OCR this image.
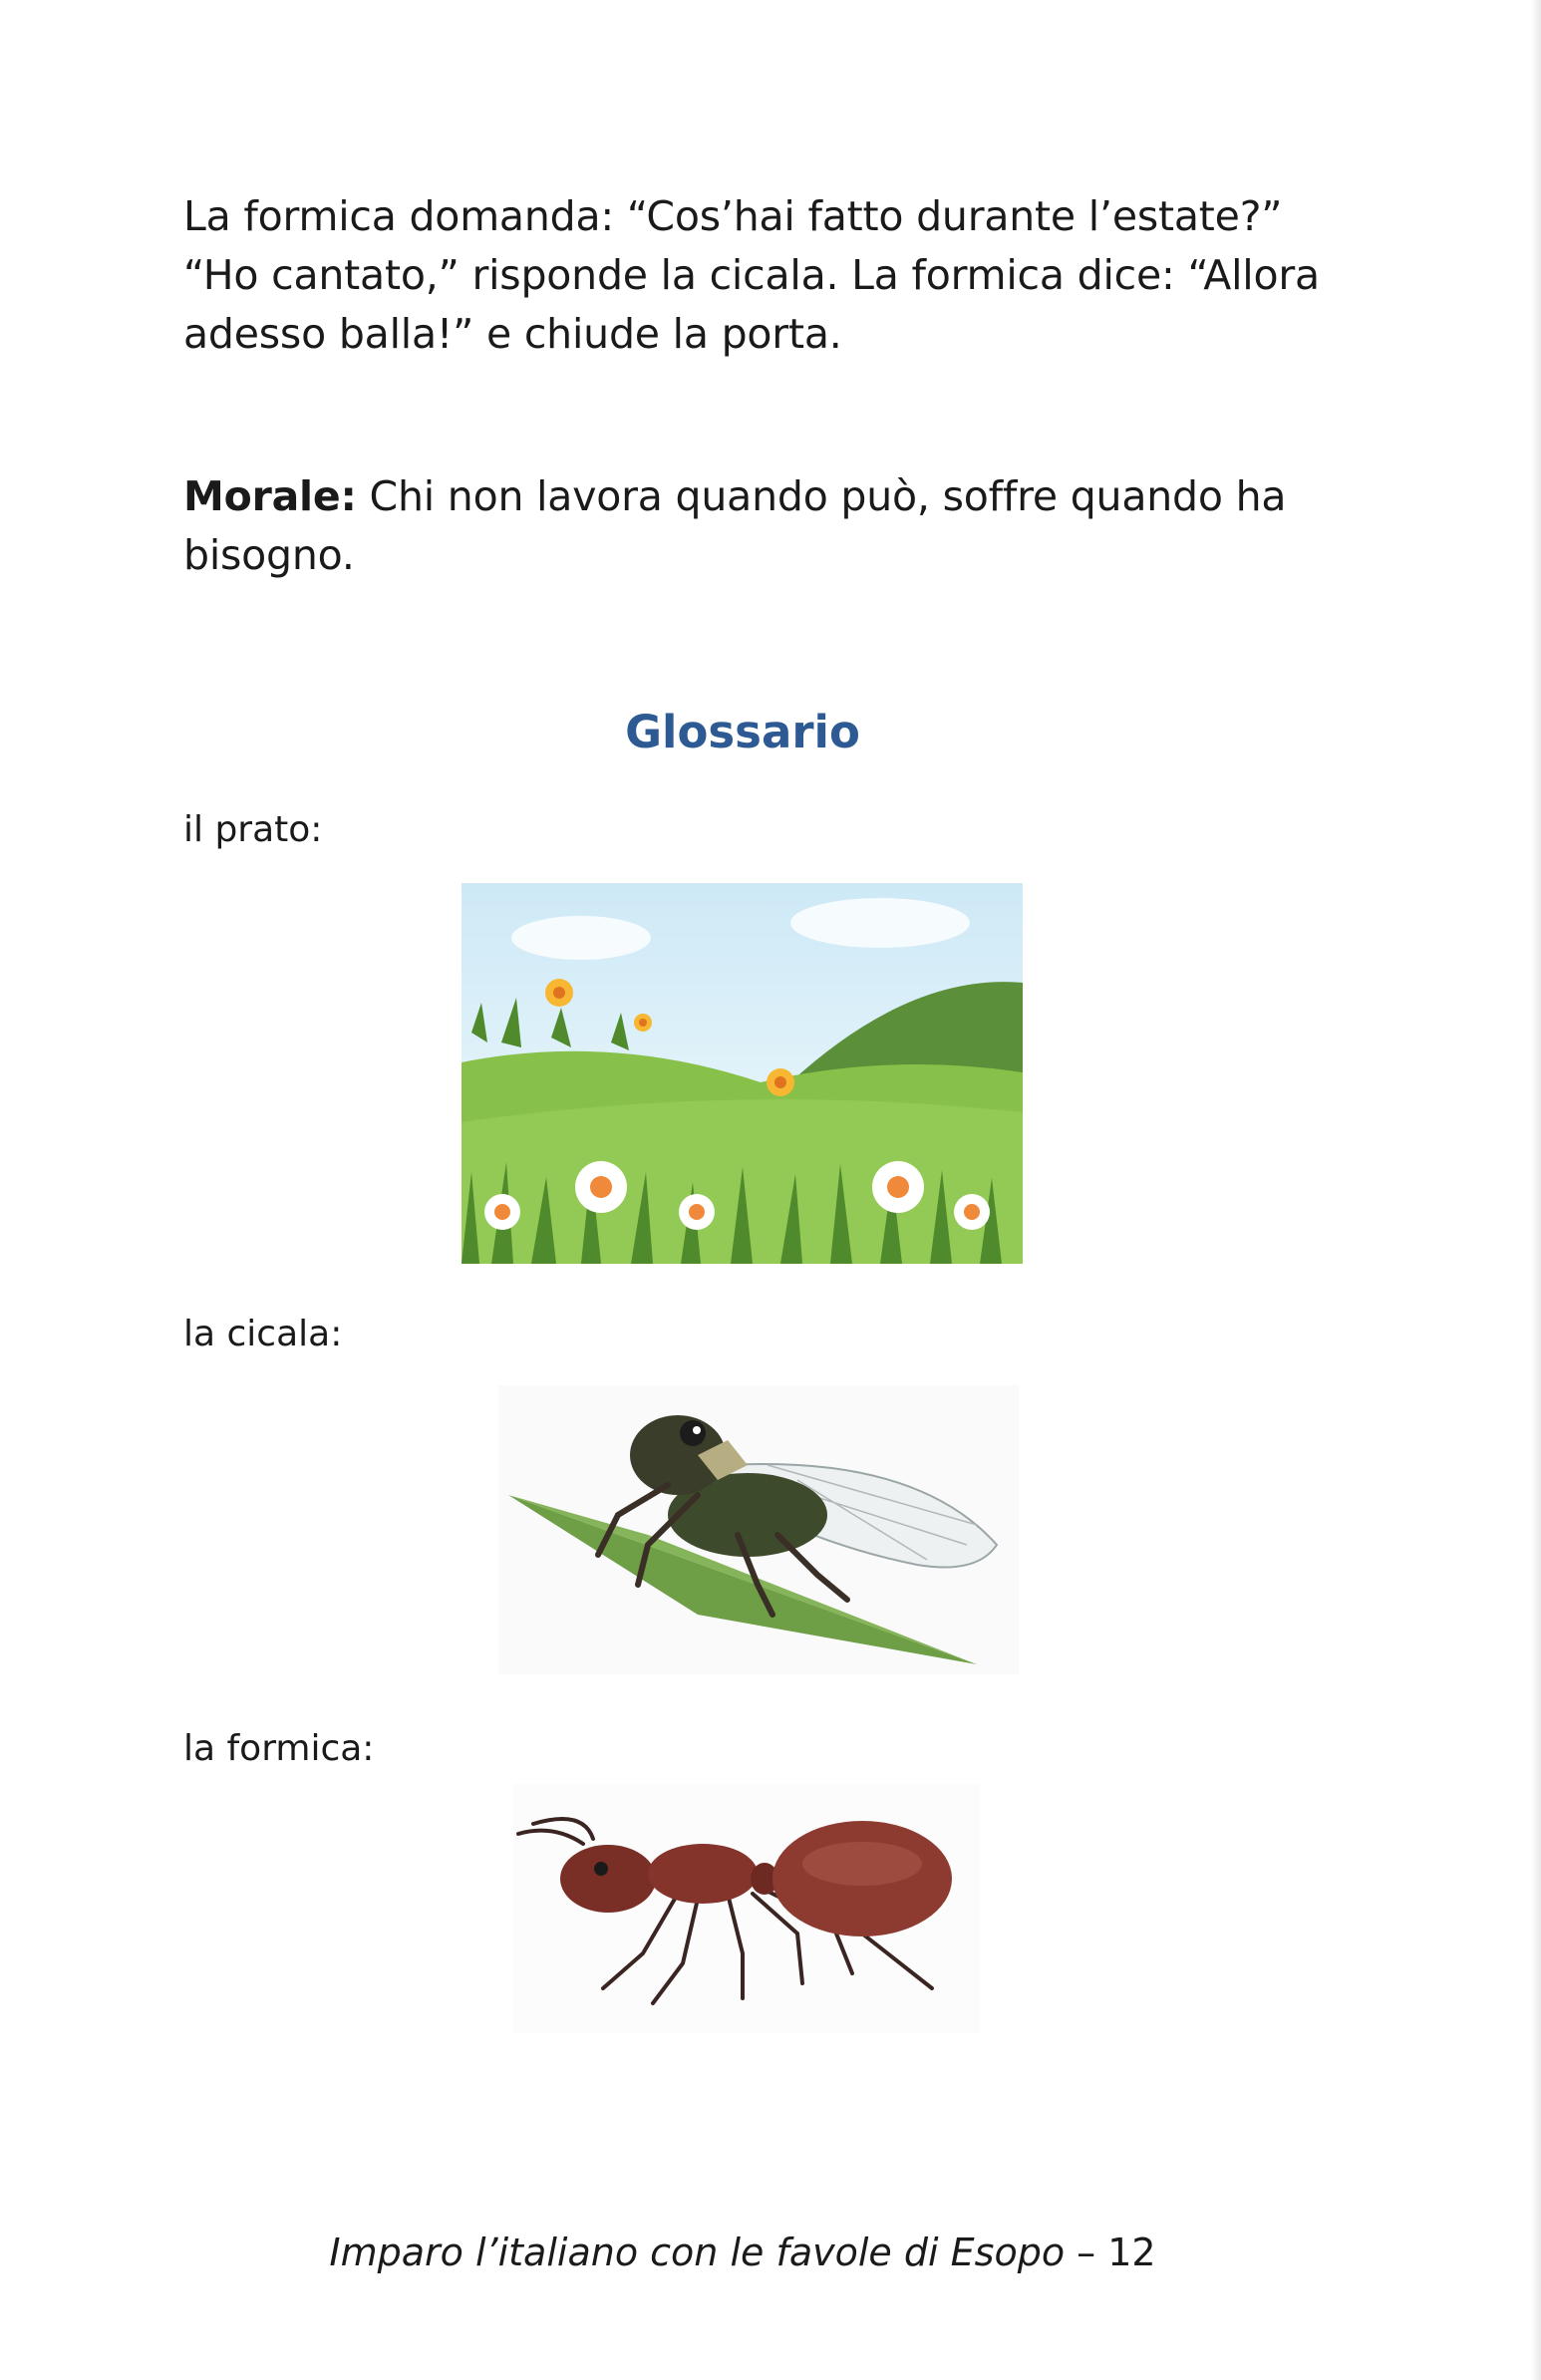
La formica domanda: “Cos’hai fatto durante l’estate?” “Ho cantato,” risponde la cicala. La formica dice: “Allora adesso balla!” e chiude la porta.

Morale: Chi non lavora quando può, soffre quando ha bisogno.

Glossario

il prato:

la cicala:

la formica:

Imparo l’italiano con le favole di Esopo – 12
